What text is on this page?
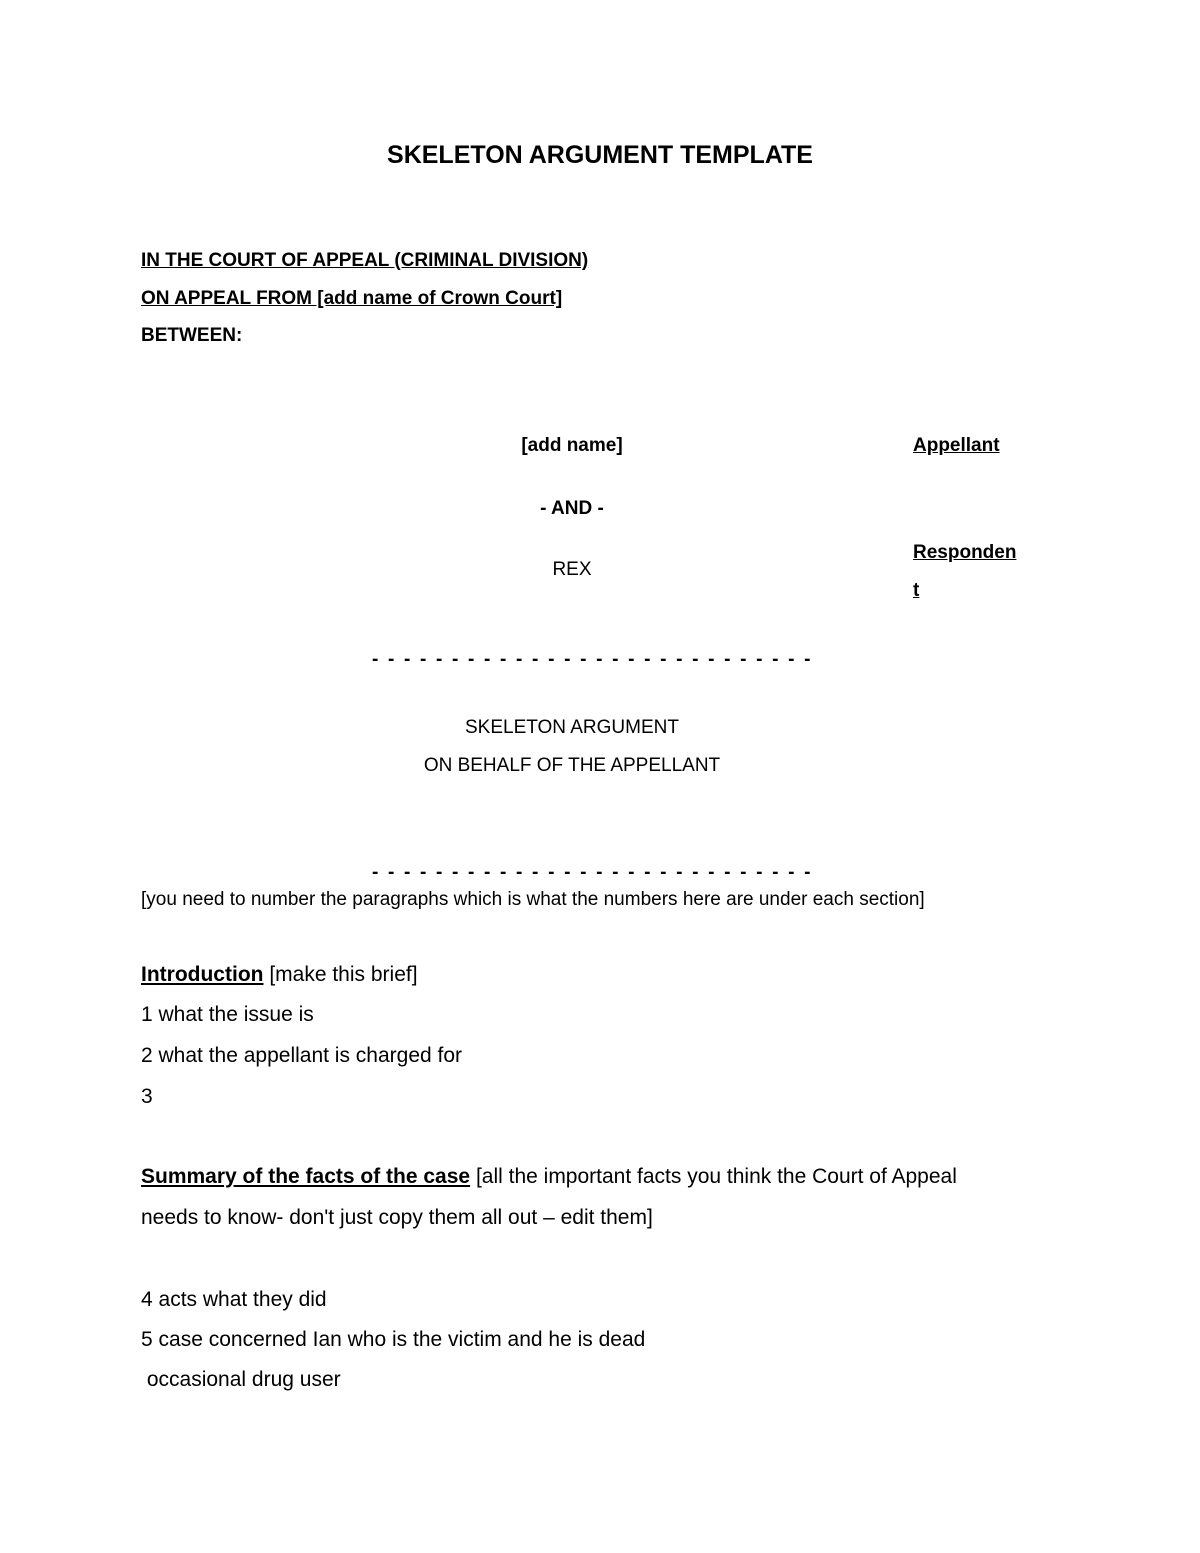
SKELETON ARGUMENT TEMPLATE
IN THE COURT OF APPEAL (CRIMINAL DIVISION)
ON APPEAL FROM [add name of Crown Court]
BETWEEN:
[add name]	Appellant
- AND -
REX
Responden
t
- - - - - - - - - - - - - - - - - - - - - - - - - - - -
SKELETON ARGUMENT
ON BEHALF OF THE APPELLANT
- - - - - - - - - - - - - - - - - - - - - - - - - - - -
[you need to number the paragraphs which is what the numbers here are under each section]
Introduction [make this brief]
1 what the issue is
2 what the appellant is charged for
3
Summary of the facts of the case [all the important facts you think the Court of Appeal
needs to know- don't just copy them all out – edit them]
4 acts what they did
5 case concerned Ian who is the victim and he is dead
occasional drug user
